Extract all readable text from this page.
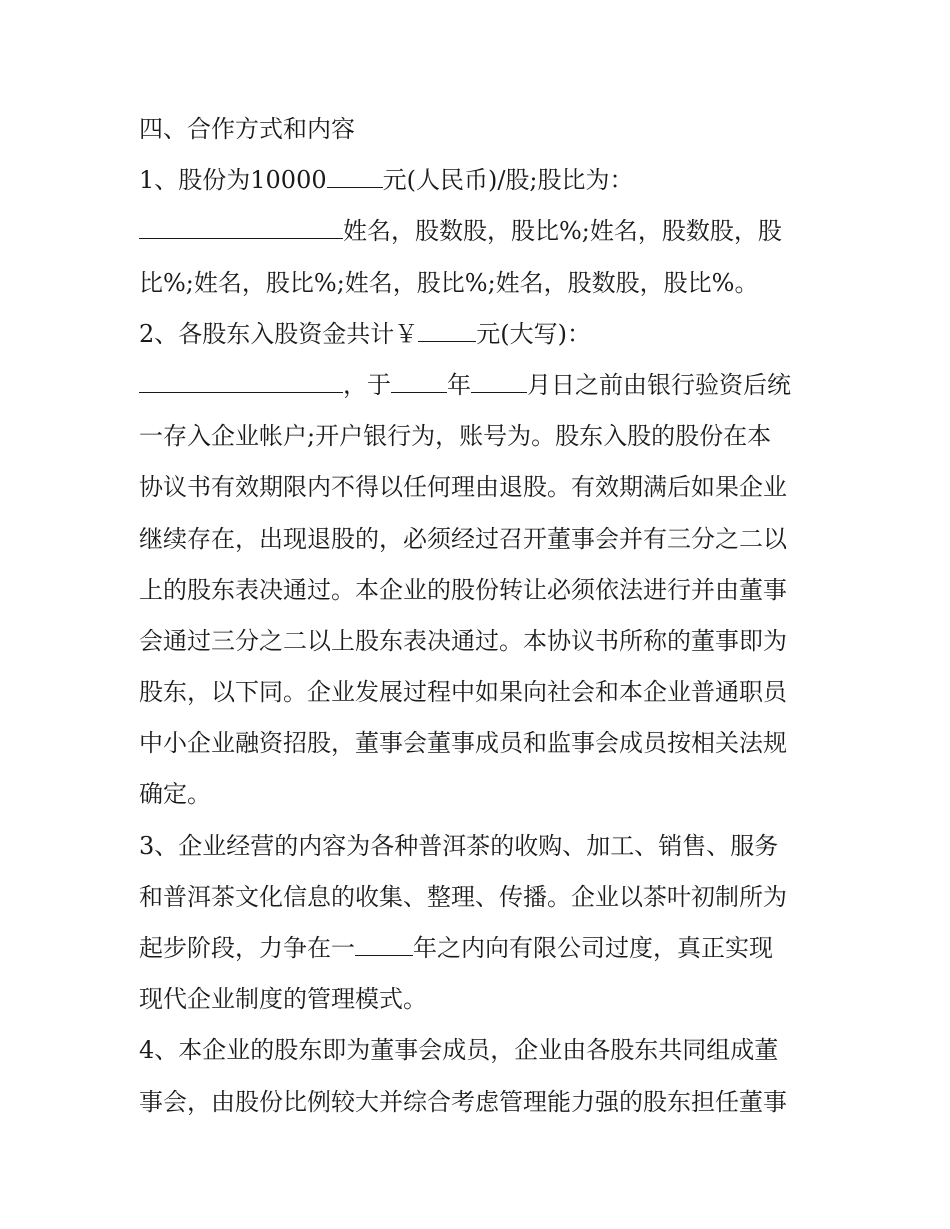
四、合作方式和内容
1、股份为10000 元(人民币)/股;股比为：
姓名，股数股，股比%;姓名，股数股，股
比%;姓名，股比%;姓名，股比%;姓名，股数股，股比%。
2、各股东入股资金共计￥ 元(大写)：
，于 年 月日之前由银行验资后统
一存入企业帐户;开户银行为，账号为。股东入股的股份在本
协议书有效期限内不得以任何理由退股。有效期满后如果企业
继续存在，出现退股的，必须经过召开董事会并有三分之二以
上的股东表决通过。本企业的股份转让必须依法进行并由董事
会通过三分之二以上股东表决通过。本协议书所称的董事即为
股东，以下同。企业发展过程中如果向社会和本企业普通职员
中小企业融资招股，董事会董事成员和监事会成员按相关法规
确定。
3、企业经营的内容为各种普洱茶的收购、加工、销售、服务
和普洱茶文化信息的收集、整理、传播。企业以茶叶初制所为
起步阶段，力争在一 年之内向有限公司过度，真正实现
现代企业制度的管理模式。
4、本企业的股东即为董事会成员，企业由各股东共同组成董
事会，由股份比例较大并综合考虑管理能力强的股东担任董事
